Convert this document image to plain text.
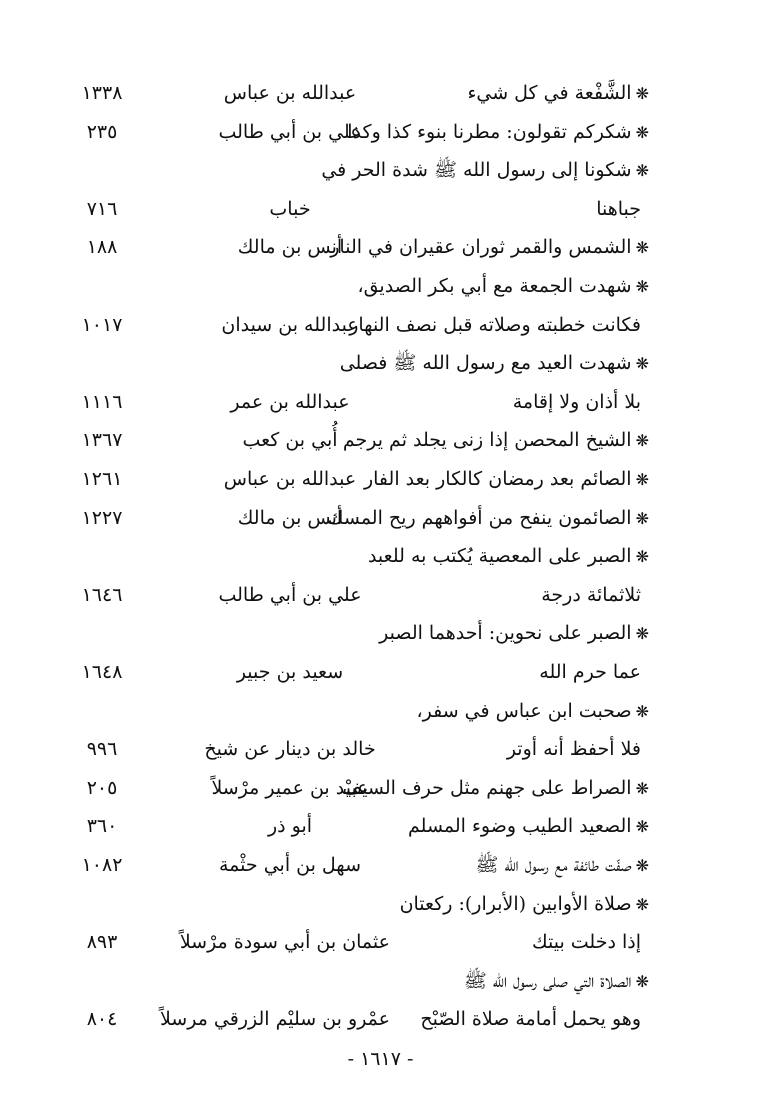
❋الشَّفْعة في كل شيء
عبدالله بن عباس
١٣٣٨
❋شكركم تقولون: مطرنا بنوء كذا وكذا
علي بن أبي طالب
٢٣٥
❋شكونا إلى رسول الله ﷺ شدة الحر في
جباهنا
خباب
٧١٦
❋الشمس والقمر ثوران عقيران في النار
أنس بن مالك
١٨٨
❋شهدت الجمعة مع أبي بكر الصديق،
فكانت خطبته وصلاته قبل نصف النهار
عبدالله بن سيدان
١٠١٧
❋شهدت العيد مع رسول الله ﷺ فصلى
بلا أذان ولا إقامة
عبدالله بن عمر
١١١٦
❋الشيخ المحصن إذا زنى يجلد ثم يرجم
أُبي بن كعب
١٣٦٧
❋الصائم بعد رمضان كالكار بعد الفار
عبدالله بن عباس
١٢٦١
❋الصائمون ينفح من أفواههم ريح المسك
أنس بن مالك
١٢٢٧
❋الصبر على المعصية يُكتب به للعبد
ثلاثمائة درجة
علي بن أبي طالب
١٦٤٦
❋الصبر على نحوين: أحدهما الصبر
عما حرم الله
سعيد بن جبير
١٦٤٨
❋صحبت ابن عباس في سفر،
فلا أحفظ أنه أوتر
خالد بن دينار عن شيخ
٩٩٦
❋الصراط على جهنم مثل حرف السيف
عبيْد بن عمير مرْسلاً
٢٠٥
❋الصعيد الطيب وضوء المسلم
أبو ذر
٣٦٠
❋صفّت طائفة مع رسول الله ﷺ
سهل بن أبي حثْمة
١٠٨٢
❋صلاة الأوابين (الأبرار): ركعتان
إذا دخلت بيتك
عثمان بن أبي سودة مرْسلاً
٨٩٣
❋الصلاة التي صلى رسول الله ﷺ
وهو يحمل أمامة صلاة الصّبْح
عمْرو بن سليْم الزرقي مرسلاً
٨٠٤
- ١٦١٧ -
